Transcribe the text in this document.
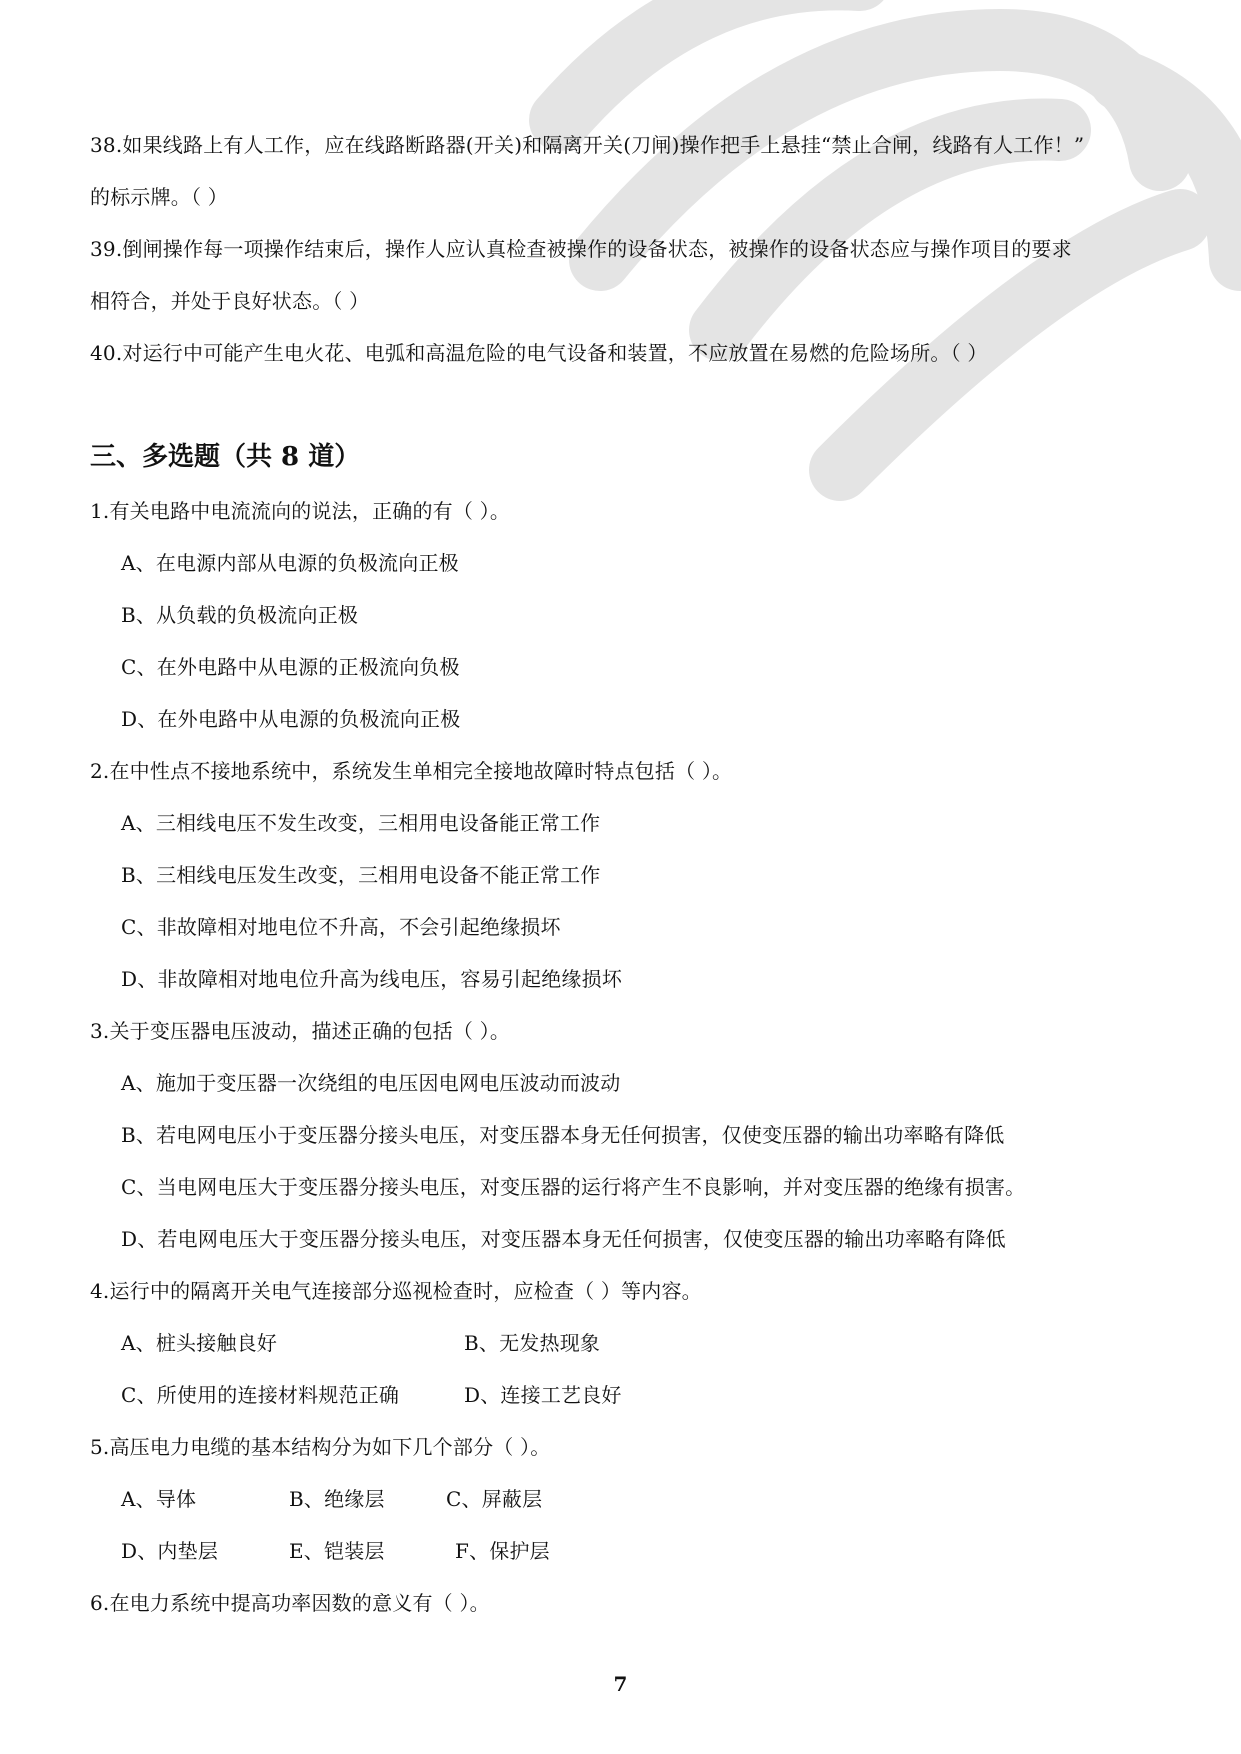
38.如果线路上有人工作，应在线路断路器(开关)和隔离开关(刀闸)操作把手上悬挂“禁止合闸，线路有人工作！”
的标示牌。（ ）
39.倒闸操作每一项操作结束后，操作人应认真检查被操作的设备状态，被操作的设备状态应与操作项目的要求
相符合，并处于良好状态。（ ）
40.对运行中可能产生电火花、电弧和高温危险的电气设备和装置，不应放置在易燃的危险场所。（ ）
三、多选题（共 8 道）
1.有关电路中电流流向的说法，正确的有（ ）。
A、在电源内部从电源的负极流向正极
B、从负载的负极流向正极
C、在外电路中从电源的正极流向负极
D、在外电路中从电源的负极流向正极
2.在中性点不接地系统中，系统发生单相完全接地故障时特点包括（ ）。
A、三相线电压不发生改变，三相用电设备能正常工作
B、三相线电压发生改变，三相用电设备不能正常工作
C、非故障相对地电位不升高，不会引起绝缘损坏
D、非故障相对地电位升高为线电压，容易引起绝缘损坏
3.关于变压器电压波动，描述正确的包括（ ）。
A、施加于变压器一次绕组的电压因电网电压波动而波动
B、若电网电压小于变压器分接头电压，对变压器本身无任何损害，仅使变压器的输出功率略有降低
C、当电网电压大于变压器分接头电压，对变压器的运行将产生不良影响，并对变压器的绝缘有损害。
D、若电网电压大于变压器分接头电压，对变压器本身无任何损害，仅使变压器的输出功率略有降低
4.运行中的隔离开关电气连接部分巡视检查时，应检查（ ）等内容。
A、桩头接触良好	B、无发热现象
C、所使用的连接材料规范正确	D、连接工艺良好
5.高压电力电缆的基本结构分为如下几个部分（ ）。
A、导体	B、绝缘层	C、屏蔽层
D、内垫层	E、铠装层	F、保护层
6.在电力系统中提高功率因数的意义有（ ）。
7
